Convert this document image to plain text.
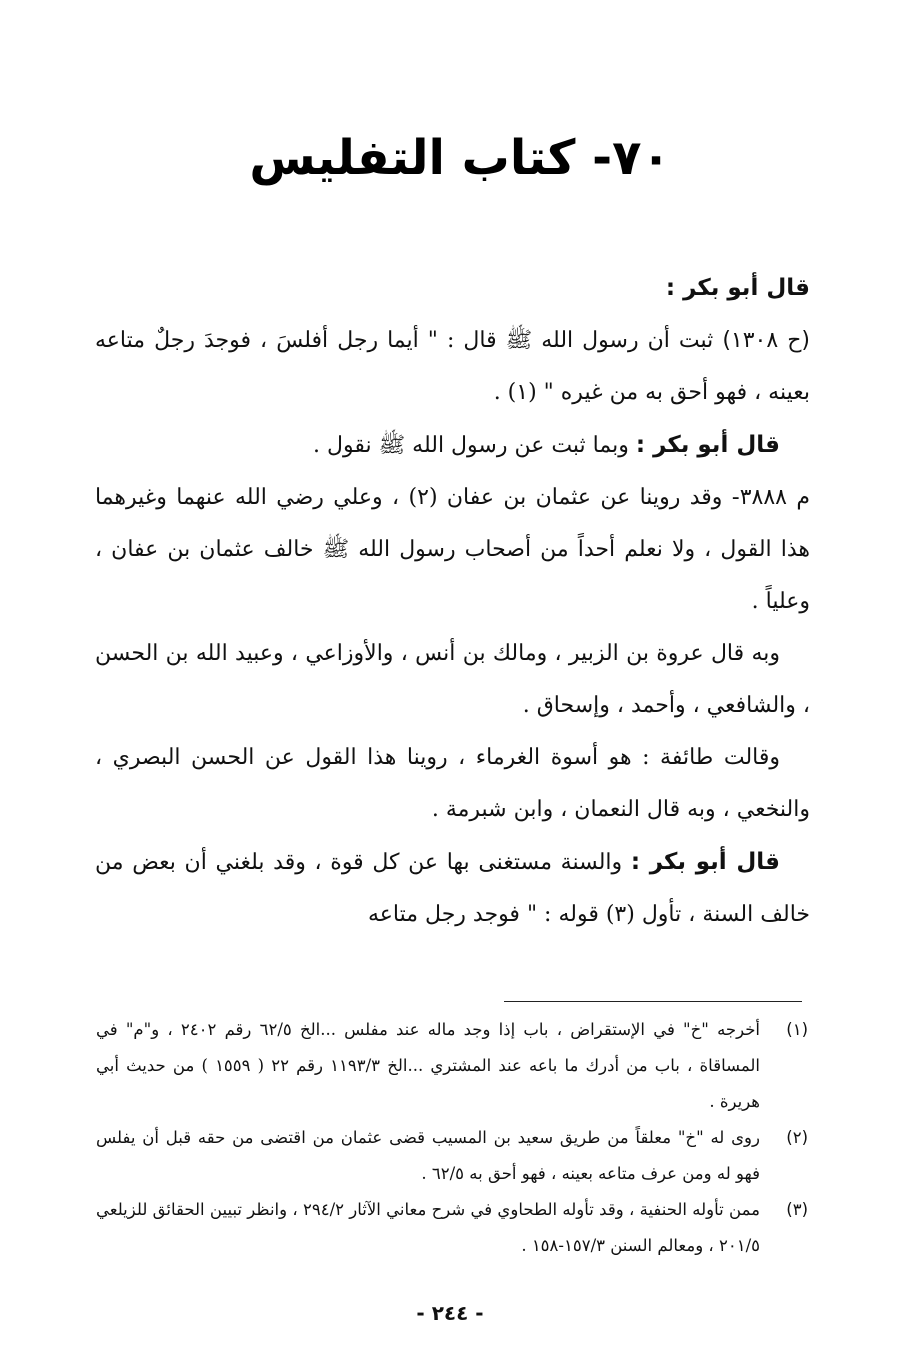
٧٠- كتاب التفليس

قال أبو بكر :

(ح ١٣٠٨) ثبت أن رسول الله ﷺ قال : " أيما رجل أفلسَ ، فوجدَ رجلٌ متاعه بعينه ، فهو أحق به من غيره " (١) .

قال أبو بكر : وبما ثبت عن رسول الله ﷺ نقول .

م ٣٨٨٨- وقد روينا عن عثمان بن عفان (٢) ، وعلي رضي الله عنهما وغيرهما هذا القول ، ولا نعلم أحداً من أصحاب رسول الله ﷺ خالف عثمان بن عفان ، وعلياً .

وبه قال عروة بن الزبير ، ومالك بن أنس ، والأوزاعي ، وعبيد الله بن الحسن ، والشافعي ، وأحمد ، وإسحاق .

وقالت طائفة : هو أسوة الغرماء ، روينا هذا القول عن الحسن البصري ، والنخعي ، وبه قال النعمان ، وابن شبرمة .

قال أبو بكر : والسنة مستغنى بها عن كل قوة ، وقد بلغني أن بعض من خالف السنة ، تأول (٣) قوله : " فوجد رجل متاعه

(١)
أخرجه "خ" في الإستقراض ، باب إذا وجد ماله عند مفلس ...الخ ٦٢/٥ رقم ٢٤٠٢ ، و"م" في المساقاة ، باب من أدرك ما باعه عند المشتري ...الخ ١١٩٣/٣ رقم ٢٢ ( ١٥٥٩ ) من حديث أبي هريرة .
(٢)
روى له "خ" معلقاً من طريق سعيد بن المسيب قضى عثمان من اقتضى من حقه قبل أن يفلس فهو له ومن عرف متاعه بعينه ، فهو أحق به ٦٢/٥ .
(٣)
ممن تأوله الحنفية ، وقد تأوله الطحاوي في شرح معاني الآثار ٢٩٤/٢ ، وانظر تبيين الحقائق للزيلعي ٢٠١/٥ ، ومعالم السنن ١٥٧/٣-١٥٨ .
- ٢٤٤ -
